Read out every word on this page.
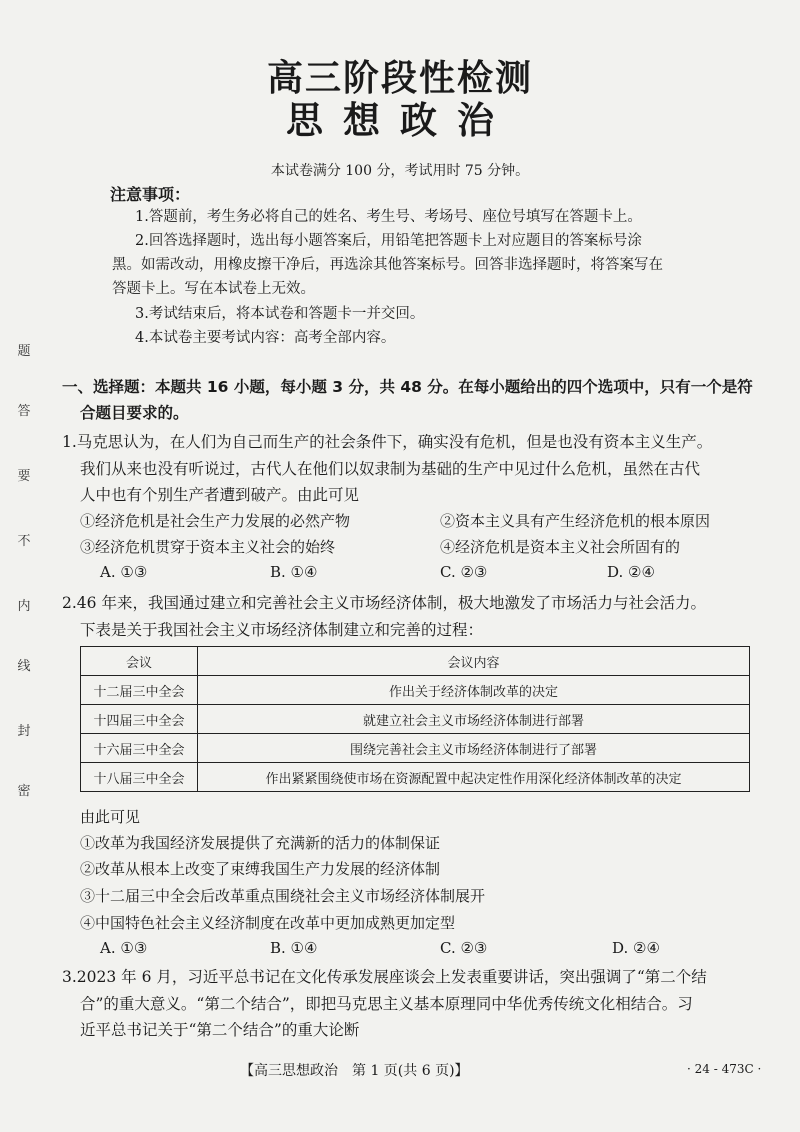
题
答
要
不
内
线
封
密
高三阶段性检测
思想政治
本试卷满分 100 分，考试用时 75 分钟。
注意事项：
1.答题前，考生务必将自己的姓名、考生号、考场号、座位号填写在答题卡上。
2.回答选择题时，选出每小题答案后，用铅笔把答题卡上对应题目的答案标号涂
黑。如需改动，用橡皮擦干净后，再选涂其他答案标号。回答非选择题时，将答案写在
答题卡上。写在本试卷上无效。
3.考试结束后，将本试卷和答题卡一并交回。
4.本试卷主要考试内容：高考全部内容。
一、选择题：本题共 16 小题，每小题 3 分，共 48 分。在每小题给出的四个选项中，只有一个是符
合题目要求的。
1.马克思认为，在人们为自己而生产的社会条件下，确实没有危机，但是也没有资本主义生产。
我们从来也没有听说过，古代人在他们以奴隶制为基础的生产中见过什么危机，虽然在古代
人中也有个别生产者遭到破产。由此可见
①经济危机是社会生产力发展的必然产物	②资本主义具有产生经济危机的根本原因
③经济危机贯穿于资本主义社会的始终	④经济危机是资本主义社会所固有的
A. ①③	B. ①④	C. ②③	D. ②④
2.46 年来，我国通过建立和完善社会主义市场经济体制，极大地激发了市场活力与社会活力。
下表是关于我国社会主义市场经济体制建立和完善的过程：
会议	会议内容
十二届三中全会	作出关于经济体制改革的决定
十四届三中全会	就建立社会主义市场经济体制进行部署
十六届三中全会	围绕完善社会主义市场经济体制进行了部署
十八届三中全会	作出紧紧围绕使市场在资源配置中起决定性作用深化经济体制改革的决定
由此可见
①改革为我国经济发展提供了充满新的活力的体制保证
②改革从根本上改变了束缚我国生产力发展的经济体制
③十二届三中全会后改革重点围绕社会主义市场经济体制展开
④中国特色社会主义经济制度在改革中更加成熟更加定型
A. ①③	B. ①④	C. ②③	D. ②④
3.2023 年 6 月，习近平总书记在文化传承发展座谈会上发表重要讲话，突出强调了“第二个结
合”的重大意义。“第二个结合”，即把马克思主义基本原理同中华优秀传统文化相结合。习
近平总书记关于“第二个结合”的重大论断
【高三思想政治　第 1 页(共 6 页)】	· 24 - 473C ·
